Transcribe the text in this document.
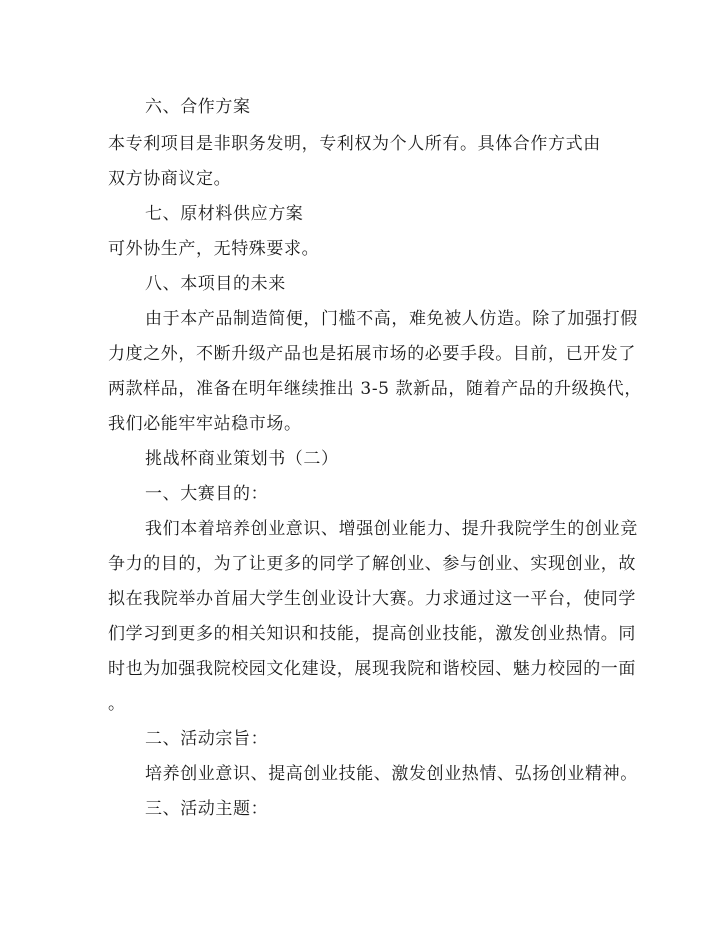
六、合作方案
本专利项目是非职务发明，专利权为个人所有。具体合作方式由
双方协商议定。
七、原材料供应方案
可外协生产，无特殊要求。
八、本项目的未来
由于本产品制造简便，门槛不高，难免被人仿造。除了加强打假
力度之外，不断升级产品也是拓展市场的必要手段。目前，已开发了
两款样品，准备在明年继续推出 3-5 款新品，随着产品的升级换代，
我们必能牢牢站稳市场。
挑战杯商业策划书（二）
一、大赛目的：
我们本着培养创业意识、增强创业能力、提升我院学生的创业竞
争力的目的，为了让更多的同学了解创业、参与创业、实现创业，故
拟在我院举办首届大学生创业设计大赛。力求通过这一平台，使同学
们学习到更多的相关知识和技能，提高创业技能，激发创业热情。同
时也为加强我院校园文化建设，展现我院和谐校园、魅力校园的一面
。
二、活动宗旨：
培养创业意识、提高创业技能、激发创业热情、弘扬创业精神。
三、活动主题：
